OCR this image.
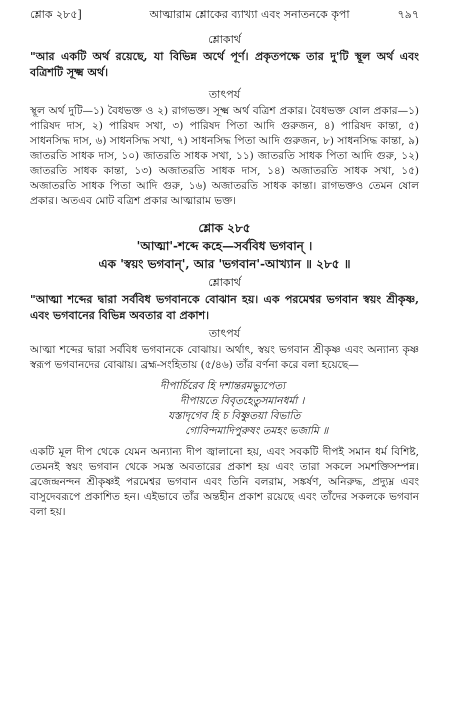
শ্লোক ২৮৫]	আত্মারাম শ্লোকের ব্যাখ্যা এবং সনাতনকে কৃপা	৭৯৭
শ্লোকার্থ
"আর একটি অর্থ রয়েছে, যা বিভিন্ন অর্থে পূর্ণ। প্রকৃতপক্ষে তার দু'টি স্থূল অর্থ এবং বত্রিশটি সূক্ষ্ম অর্থ।
তাৎপর্য
স্থূল অর্থ দুটি—১) বৈধভক্ত ও ২) রাগভক্ত। সূক্ষ্ম অর্থ বত্রিশ প্রকার। বৈধভক্ত ষোল প্রকার—১) পারিষদ দাস, ২) পারিষদ সখা, ৩) পারিষদ পিতা আদি গুরুজন, ৪) পারিষদ কান্তা, ৫) সাধনসিদ্ধ দাস, ৬) সাধনসিদ্ধ সখা, ৭) সাধনসিদ্ধ পিতা আদি গুরুজন, ৮) সাধনসিদ্ধ কান্তা, ৯) জাতরতি সাধক দাস, ১০) জাতরতি সাধক সখা, ১১) জাতরতি সাধক পিতা আদি গুরু, ১২) জাতরতি সাধক কান্তা, ১৩) অজাতরতি সাধক দাস, ১৪) অজাতরতি সাধক সখা, ১৫) অজাতরতি সাধক পিতা আদি গুরু, ১৬) অজাতরতি সাধক কান্তা। রাগভক্তও তেমন ষোল প্রকার। অতএব মোট বত্রিশ প্রকার আত্মারাম ভক্ত।
শ্লোক ২৮৫
'আত্মা'-শব্দে কহে—সর্ববিধ ভগবান্ ।
এক 'স্বয়ং ভগবান্', আর 'ভগবান'-আখ্যান ॥ ২৮৫ ॥
শ্লোকার্থ
"আত্মা শব্দের দ্বারা সর্ববিধ ভগবানকে বোঝান হয়। এক পরমেশ্বর ভগবান স্বয়ং শ্রীকৃষ্ণ, এবং ভগবানের বিভিন্ন অবতার বা প্রকাশ।
তাৎপর্য
আত্মা শব্দের দ্বারা সর্ববিধ ভগবানকে বোঝায়। অর্থাৎ, স্বয়ং ভগবান শ্রীকৃষ্ণ এবং অন্যান্য কৃষ্ণ স্বরূপ ভগবানদের বোঝায়। ব্রহ্ম-সংহিতায় (৫/৪৬) তাঁর বর্ণনা করে বলা হয়েছে—
দীপার্চিরেব হি দশান্তরমভ্যুপেত্য
দীপায়তে বিবৃতহেতুসমানধর্মা ।
যস্তাদৃগেব হি চ বিষ্ণুতয়া বিভাতি
গোবিন্দমাদিপুরুষং তমহং ভজামি ॥
একটি মূল দীপ থেকে যেমন অন্যান্য দীপ জ্বালানো হয়, এবং সবকটি দীপই সমান ধর্ম বিশিষ্ট, তেমনই স্বয়ং ভগবান থেকে সমস্ত অবতারের প্রকাশ হয় এবং তারা সকলে সমশক্তিসম্পন্ন। ব্রজেন্দ্রনন্দন শ্রীকৃষ্ণই পরমেশ্বর ভগবান এবং তিনি বলরাম, সঙ্কর্ষণ, অনিরুদ্ধ, প্রদ্যুম্ন এবং বাসুদেবরূপে প্রকাশিত হন। এইভাবে তাঁর অন্তহীন প্রকাশ রয়েছে এবং তাঁদের সকলকে ভগবান বলা হয়।
